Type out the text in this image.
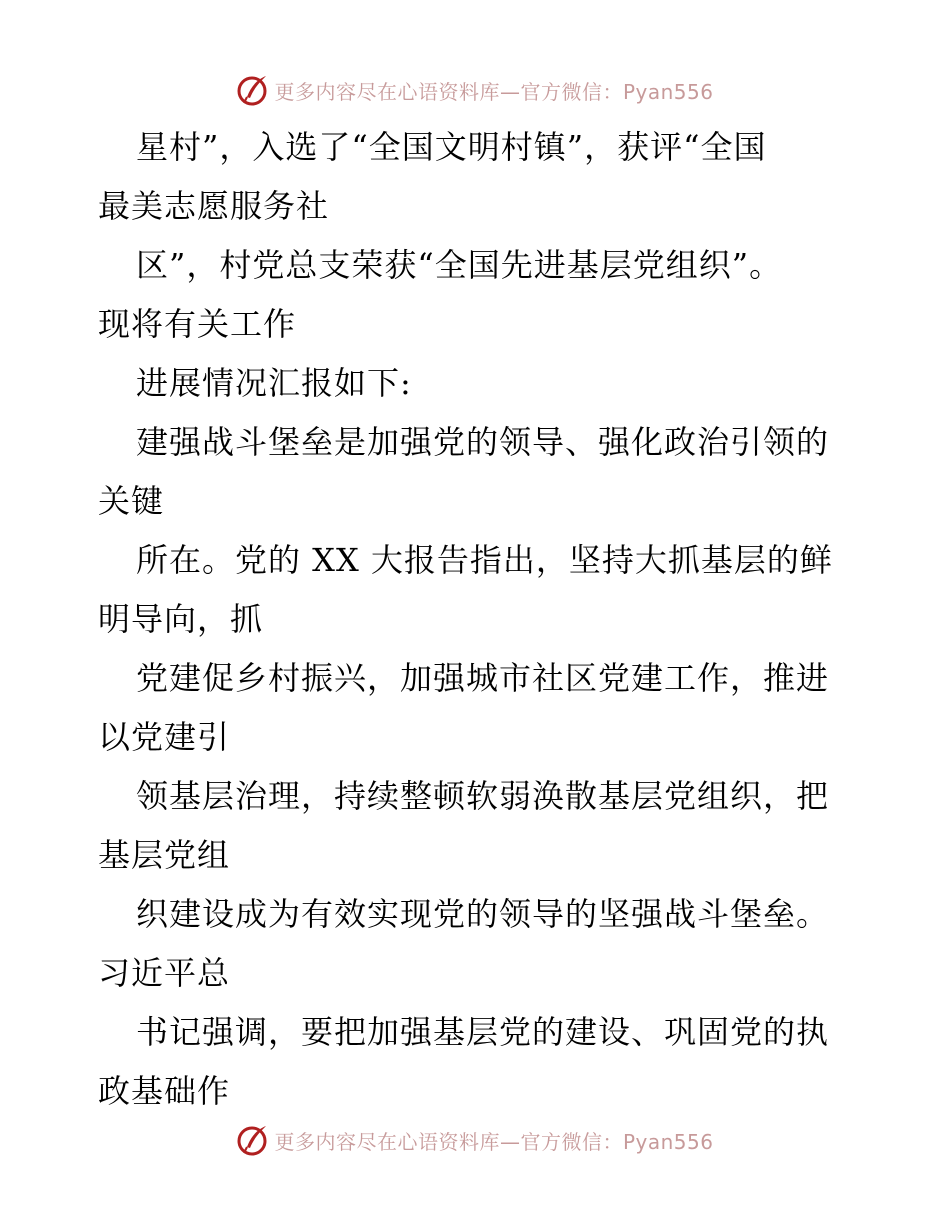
更多内容尽在心语资料库—官方微信：Pyan556
星村”，入选了“全国文明村镇”，获评“全国
最美志愿服务社
区”，村党总支荣获“全国先进基层党组织”。
现将有关工作
进展情况汇报如下:
建强战斗堡垒是加强党的领导、强化政治引领的
关键
所在。党的 XX 大报告指出，坚持大抓基层的鲜
明导向，抓
党建促乡村振兴，加强城市社区党建工作，推进
以党建引
领基层治理，持续整顿软弱涣散基层党组织，把
基层党组
织建设成为有效实现党的领导的坚强战斗堡垒。
习近平总
书记强调，要把加强基层党的建设、巩固党的执
政基础作
更多内容尽在心语资料库—官方微信：Pyan556
